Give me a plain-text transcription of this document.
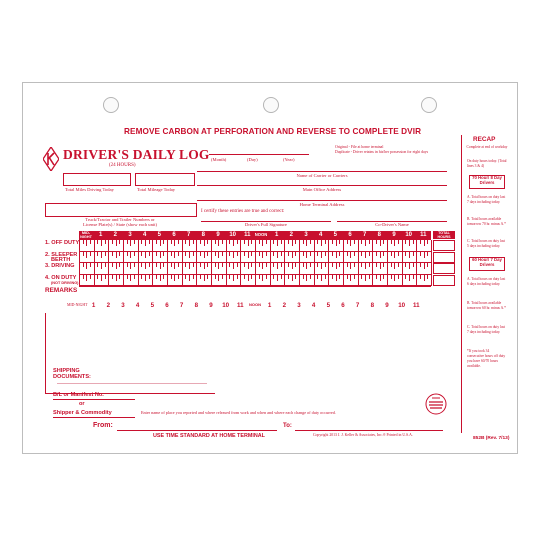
REMOVE CARBON AT PERFORATION AND REVERSE TO COMPLETE DVIR
DRIVER'S DAILY LOG
(24 HOURS)
(Month)	(Day)	(Year)
Original - File at home terminal
Duplicate - Driver retains in his/her possession for eight days
Name of Carrier or Carriers
Main Office Address
Total Miles Driving Today	Total Mileage Today
Truck/Tractor and Trailer Numbers or
License Plate(s) / State (show each unit)
Home Terminal Address
I certify these entries are true and correct:
Driver's Full Signature	Co-Driver's Name
MID-NIGHT	1	2	3	4	5	6	7	8	9	10	11	NOON	1	2	3	4	5	6	7	8	9	10	11	TOTAL HOURS
1. OFF DUTY
2. SLEEPER
BERTH
3. DRIVING
4. ON DUTY
(NOT DRIVING)
MID-NIGHT 1	2	3	4	5	6	7	8	9	10	11	NOON	1	2	3	4	5	6	7	8	9	10	11
REMARKS
SHIPPING
DOCUMENTS:
B/L or Manifest No.
or
Shipper & Commodity	Enter name of place you reported and where released from work and when and where each change of duty occurred.
From:	To:
USE TIME STANDARD AT HOME TERMINAL	Copyright 2013 J. J. Keller & Associates, Inc.® Printed in U.S.A.
852B (Rev. 7/13)
RECAP
Complete at end of workday
On duty hours today. (Total lines 3 & 4)
70 Hour/ 8 Day Drivers
A. Total hours on duty last 7 days including today.
B. Total hours available tomorrow 70 hr. minus A.*
C. Total hours on duty last 5 days including today.
60 Hour/ 7 Day Drivers
A. Total hours on duty last 6 days including today.
B. Total hours available tomorrow 60 hr. minus A.*
C. Total hours on duty last 7 days including today.
*If you took 34 consecutive hours off duty you have 60/70 hours available.
